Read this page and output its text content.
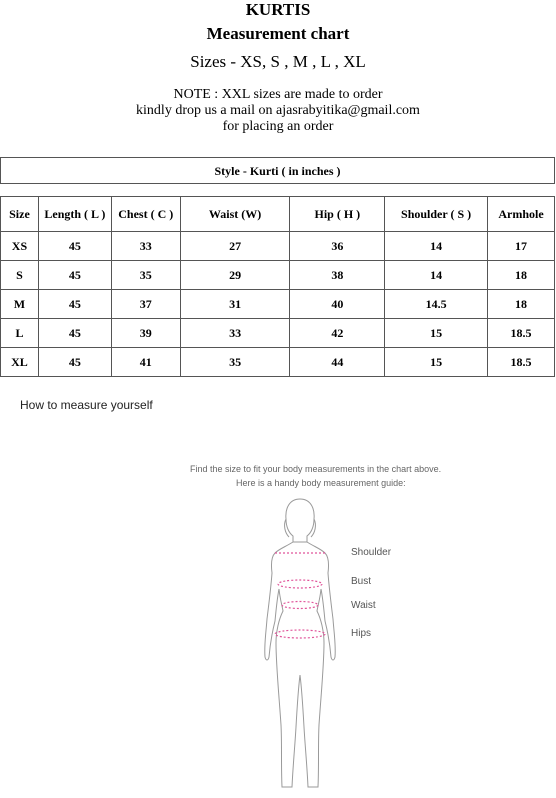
KURTIS
Measurement chart
Sizes - XS, S , M , L , XL
NOTE : XXL sizes are made to order
kindly drop us a mail on ajasrabyitika@gmail.com
for placing an order
Style - Kurti ( in inches )
Size	Length ( L )	Chest ( C )	Waist (W)	Hip ( H )	Shoulder ( S )	Armhole
XS	45	33	27	36	14	17
S	45	35	29	38	14	18
M	45	37	31	40	14.5	18
L	45	39	33	42	15	18.5
XL	45	41	35	44	15	18.5
How to measure yourself
Find the size to fit your body measurements in the chart above.
Here is a handy body measurement guide:
Shoulder
Bust
Waist
Hips
